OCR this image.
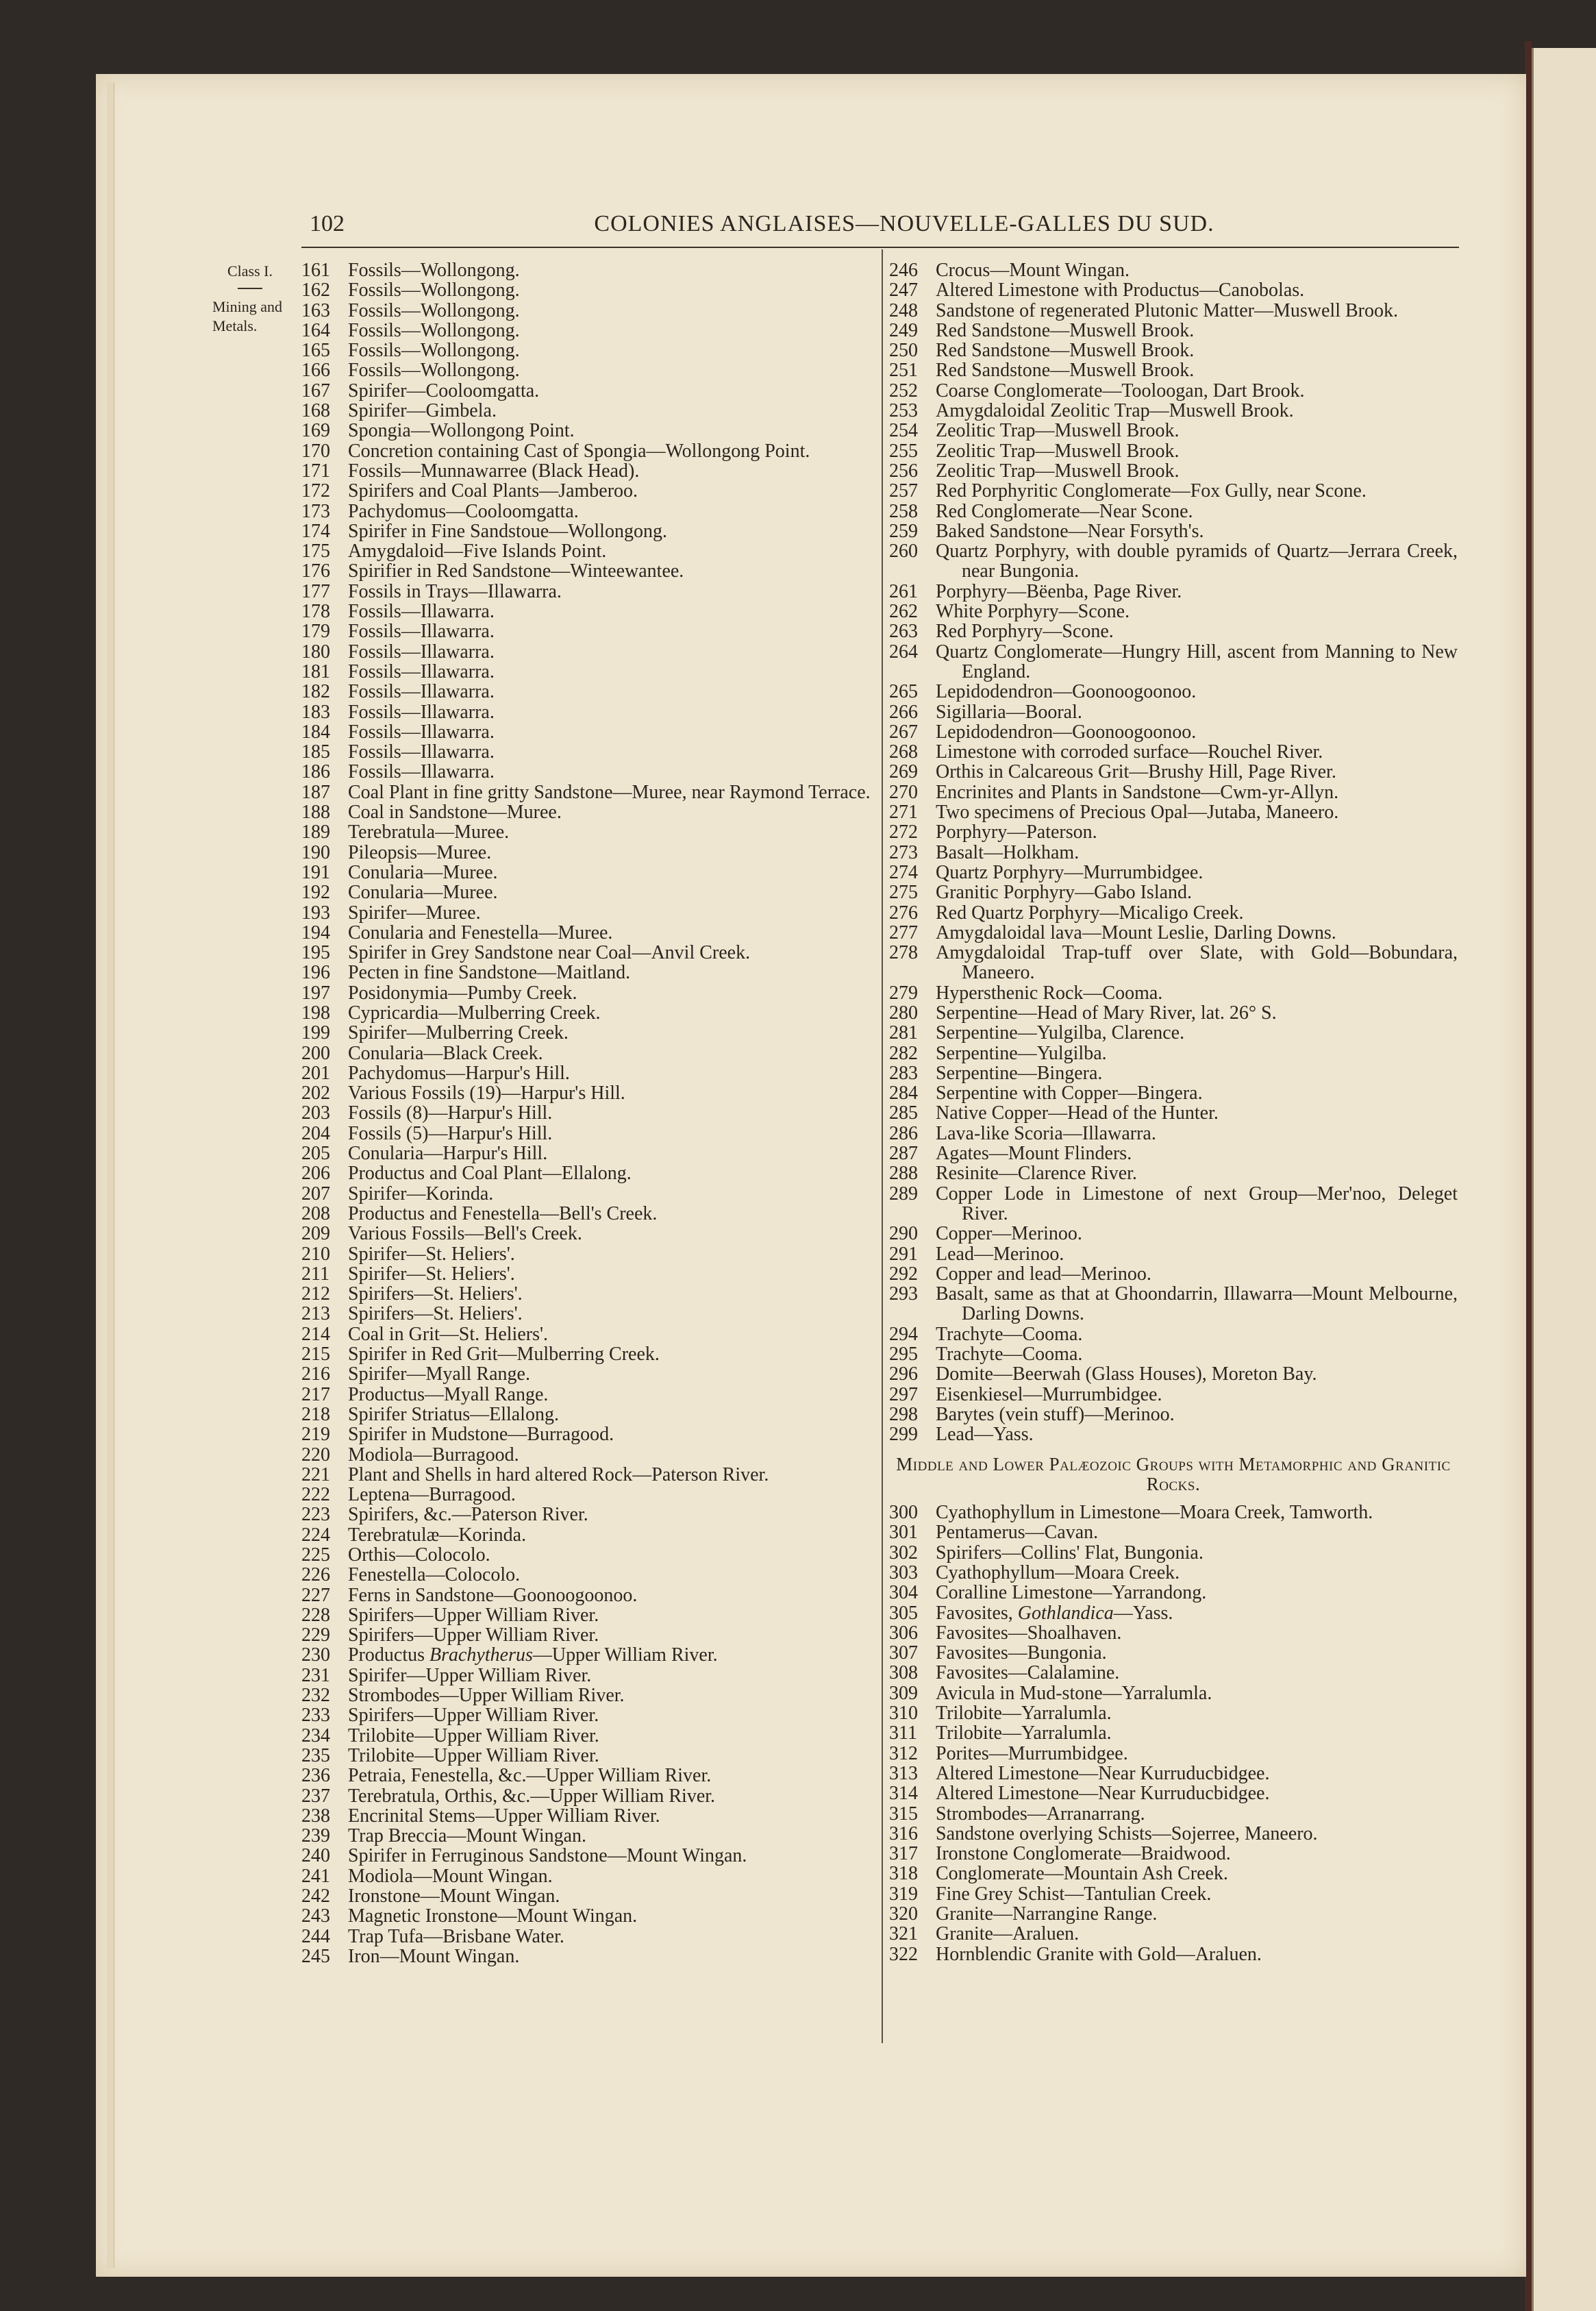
102	COLONIES ANGLAISES—NOUVELLE-GALLES DU SUD.
Class I.
Mining and Metals.
161 Fossils—Wollongong.
162 Fossils—Wollongong.
163 Fossils—Wollongong.
164 Fossils—Wollongong.
165 Fossils—Wollongong.
166 Fossils—Wollongong.
167 Spirifer—Cooloomgatta.
168 Spirifer—Gimbela.
169 Spongia—Wollongong Point.
170 Concretion containing Cast of Spongia—Wollongong Point.
171 Fossils—Munnawarree (Black Head).
172 Spirifers and Coal Plants—Jamberoo.
173 Pachydomus—Cooloomgatta.
174 Spirifer in Fine Sandstoue—Wollongong.
175 Amygdaloid—Five Islands Point.
176 Spirifier in Red Sandstone—Winteewantee.
177 Fossils in Trays—Illawarra.
178 Fossils—Illawarra.
179 Fossils—Illawarra.
180 Fossils—Illawarra.
181 Fossils—Illawarra.
182 Fossils—Illawarra.
183 Fossils—Illawarra.
184 Fossils—Illawarra.
185 Fossils—Illawarra.
186 Fossils—Illawarra.
187 Coal Plant in fine gritty Sandstone—Muree, near Raymond Terrace.
188 Coal in Sandstone—Muree.
189 Terebratula—Muree.
190 Pileopsis—Muree.
191 Conularia—Muree.
192 Conularia—Muree.
193 Spirifer—Muree.
194 Conularia and Fenestella—Muree.
195 Spirifer in Grey Sandstone near Coal—Anvil Creek.
196 Pecten in fine Sandstone—Maitland.
197 Posidonymia—Pumby Creek.
198 Cypricardia—Mulberring Creek.
199 Spirifer—Mulberring Creek.
200 Conularia—Black Creek.
201 Pachydomus—Harpur's Hill.
202 Various Fossils (19)—Harpur's Hill.
203 Fossils (8)—Harpur's Hill.
204 Fossils (5)—Harpur's Hill.
205 Conularia—Harpur's Hill.
206 Productus and Coal Plant—Ellalong.
207 Spirifer—Korinda.
208 Productus and Fenestella—Bell's Creek.
209 Various Fossils—Bell's Creek.
210 Spirifer—St. Heliers'.
211 Spirifer—St. Heliers'.
212 Spirifers—St. Heliers'.
213 Spirifers—St. Heliers'.
214 Coal in Grit—St. Heliers'.
215 Spirifer in Red Grit—Mulberring Creek.
216 Spirifer—Myall Range.
217 Productus—Myall Range.
218 Spirifer Striatus—Ellalong.
219 Spirifer in Mudstone—Burragood.
220 Modiola—Burragood.
221 Plant and Shells in hard altered Rock—Paterson River.
222 Leptena—Burragood.
223 Spirifers, &c.—Paterson River.
224 Terebratulæ—Korinda.
225 Orthis—Colocolo.
226 Fenestella—Colocolo.
227 Ferns in Sandstone—Goonoogoonoo.
228 Spirifers—Upper William River.
229 Spirifers—Upper William River.
230 Productus Brachytherus—Upper William River.
231 Spirifer—Upper William River.
232 Strombodes—Upper William River.
233 Spirifers—Upper William River.
234 Trilobite—Upper William River.
235 Trilobite—Upper William River.
236 Petraia, Fenestella, &c.—Upper William River.
237 Terebratula, Orthis, &c.—Upper William River.
238 Encrinital Stems—Upper William River.
239 Trap Breccia—Mount Wingan.
240 Spirifer in Ferruginous Sandstone—Mount Wingan.
241 Modiola—Mount Wingan.
242 Ironstone—Mount Wingan.
243 Magnetic Ironstone—Mount Wingan.
244 Trap Tufa—Brisbane Water.
245 Iron—Mount Wingan.
246 Crocus—Mount Wingan.
247 Altered Limestone with Productus—Canobolas.
248 Sandstone of regenerated Plutonic Matter—Muswell Brook.
249 Red Sandstone—Muswell Brook.
250 Red Sandstone—Muswell Brook.
251 Red Sandstone—Muswell Brook.
252 Coarse Conglomerate—Tooloogan, Dart Brook.
253 Amygdaloidal Zeolitic Trap—Muswell Brook.
254 Zeolitic Trap—Muswell Brook.
255 Zeolitic Trap—Muswell Brook.
256 Zeolitic Trap—Muswell Brook.
257 Red Porphyritic Conglomerate—Fox Gully, near Scone.
258 Red Conglomerate—Near Scone.
259 Baked Sandstone—Near Forsyth's.
260 Quartz Porphyry, with double pyramids of Quartz—Jerrara Creek, near Bungonia.
261 Porphyry—Bëenba, Page River.
262 White Porphyry—Scone.
263 Red Porphyry—Scone.
264 Quartz Conglomerate—Hungry Hill, ascent from Manning to New England.
265 Lepidodendron—Goonoogoonoo.
266 Sigillaria—Booral.
267 Lepidodendron—Goonoogoonoo.
268 Limestone with corroded surface—Rouchel River.
269 Orthis in Calcareous Grit—Brushy Hill, Page River.
270 Encrinites and Plants in Sandstone—Cwm-yr-Allyn.
271 Two specimens of Precious Opal—Jutaba, Maneero.
272 Porphyry—Paterson.
273 Basalt—Holkham.
274 Quartz Porphyry—Murrumbidgee.
275 Granitic Porphyry—Gabo Island.
276 Red Quartz Porphyry—Micaligo Creek.
277 Amygdaloidal lava—Mount Leslie, Darling Downs.
278 Amygdaloidal Trap-tuff over Slate, with Gold—Bobundara, Maneero.
279 Hypersthenic Rock—Cooma.
280 Serpentine—Head of Mary River, lat. 26° S.
281 Serpentine—Yulgilba, Clarence.
282 Serpentine—Yulgilba.
283 Serpentine—Bingera.
284 Serpentine with Copper—Bingera.
285 Native Copper—Head of the Hunter.
286 Lava-like Scoria—Illawarra.
287 Agates—Mount Flinders.
288 Resinite—Clarence River.
289 Copper Lode in Limestone of next Group—Mer'noo, Deleget River.
290 Copper—Merinoo.
291 Lead—Merinoo.
292 Copper and lead—Merinoo.
293 Basalt, same as that at Ghoondarrin, Illawarra—Mount Melbourne, Darling Downs.
294 Trachyte—Cooma.
295 Trachyte—Cooma.
296 Domite—Beerwah (Glass Houses), Moreton Bay.
297 Eisenkiesel—Murrumbidgee.
298 Barytes (vein stuff)—Merinoo.
299 Lead—Yass.
Middle and Lower Palæozoic Groups with Metamorphic and Granitic Rocks.
300 Cyathophyllum in Limestone—Moara Creek, Tamworth.
301 Pentamerus—Cavan.
302 Spirifers—Collins' Flat, Bungonia.
303 Cyathophyllum—Moara Creek.
304 Coralline Limestone—Yarrandong.
305 Favosites, Gothlandica—Yass.
306 Favosites—Shoalhaven.
307 Favosites—Bungonia.
308 Favosites—Calalamine.
309 Avicula in Mud-stone—Yarralumla.
310 Trilobite—Yarralumla.
311 Trilobite—Yarralumla.
312 Porites—Murrumbidgee.
313 Altered Limestone—Near Kurruducbidgee.
314 Altered Limestone—Near Kurruducbidgee.
315 Strombodes—Arranarrang.
316 Sandstone overlying Schists—Sojerree, Maneero.
317 Ironstone Conglomerate—Braidwood.
318 Conglomerate—Mountain Ash Creek.
319 Fine Grey Schist—Tantulian Creek.
320 Granite—Narrangine Range.
321 Granite—Araluen.
322 Hornblendic Granite with Gold—Araluen.
